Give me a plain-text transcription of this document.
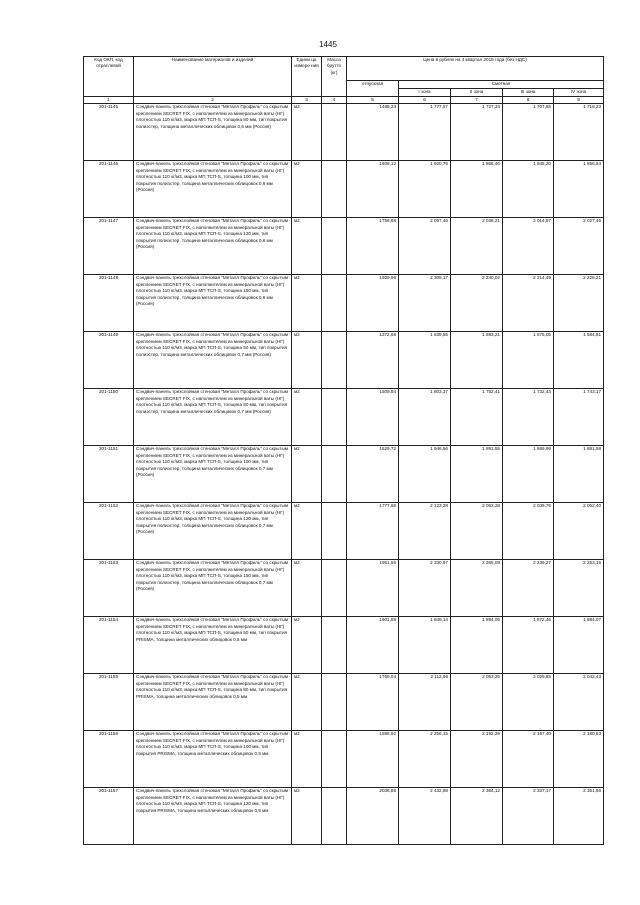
1445
Код ОКП, код отраслевой	Наименование материалов и изделий	Едини ца измере ния	Масса брутто (кг)	Цена в рублях на 4 квартал 2015 года (без НДС)				
				отпускная	Сметная			
					I зона	II зона	III зона	IV зона
1	2	3	4	5	6	7	8	9
201-1145	Сэндвич-панель трехслойная стеновая "Металл Профиль" со скрытым креплением SECRET FIX, с наполнителем из минеральной ваты (НГ) плотностью 110 кг/м3, марка МП ТСП-S, толщина 80 мм, тип покрытия полиэстер, толщина металлических облицовок 0,6 мм (Россия)	м2		1488,24	1 777,57	1 727,34	1 707,65	1 718,23
201-1146	Сэндвич-панель трехслойная стеновая "Металл Профиль" со скрытым креплением SECRET FIX, с наполнителем из минеральной ваты (НГ) плотностью 110 кг/м3, марка МП ТСП-S, толщина 100 мм, тип покрытия полиэстер, толщина металлических облицовок 0,6 мм (Россия)	м2		1608,12	1 920,76	1 866,46	1 845,20	1 856,64
201-1147	Сэндвич-панель трехслойная стеновая "Металл Профиль" со скрытым креплением SECRET FIX, с наполнителем из минеральной ваты (НГ) плотностью 110 кг/м3, марка МП ТСП-S, толщина 120 мм, тип покрытия полиэстер, толщина металлических облицовок 0,6 мм (Россия)	м2		1756,68	2 097,46	2 038,21	2 014,97	2 027,46
201-1148	Сэндвич-панель трехслойная стеновая "Металл Профиль" со скрытым креплением SECRET FIX, с наполнителем из минеральной ваты (НГ) плотностью 110 кг/м3, марка МП ТСП-S, толщина 150 мм, тип покрытия полиэстер, толщина металлических облицовок 0,6 мм (Россия)	м2		1929,96	2 305,17	2 240,02	2 214,49	2 228,21
201-1149	Сэндвич-панель трехслойная стеновая "Металл Профиль" со скрытым креплением SECRET FIX, с наполнителем из минеральной ваты (НГ) плотностью 110 кг/м3, марка МП ТСП-S, толщина 50 мм, тип покрытия полиэстер, толщина металлических облицовок 0,7 мм (Россия)	м2		1372,68	1 639,55	1 593,21	1 575,05	1 584,81
201-1150	Сэндвич-панель трехслойная стеновая "Металл Профиль" со скрытым креплением SECRET FIX, с наполнителем из минеральной ваты (НГ) плотностью 110 кг/м3, марка МП ТСП-S, толщина 80 мм, тип покрытия полиэстер, толщина металлических облицовок 0,7 мм (Россия)	м2		1509,84	1 803,37	1 752,41	1 732,43	1 743,17
201-1151	Сэндвич-панель трехслойная стеновая "Металл Профиль" со скрытым креплением SECRET FIX, с наполнителем из минеральной ваты (НГ) плотностью 110 кг/м3, марка МП ТСП-S, толщина 100 мм, тип покрытия полиэстер, толщина металлических облицовок 0,7 мм (Россия)	м2		1629,72	1 946,56	1 891,55	1 869,99	1 881,58
201-1152	Сэндвич-панель трехслойная стеновая "Металл Профиль" со скрытым креплением SECRET FIX, с наполнителем из минеральной ваты (НГ) плотностью 110 кг/м3, марка МП ТСП-S, толщина 120 мм, тип покрытия полиэстер, толщина металлических облицовок 0,7 мм (Россия)	м2		1777,68	2 123,28	2 063,28	2 039,76	2 052,40
201-1153	Сэндвич-панель трехслойная стеновая "Металл Профиль" со скрытым креплением SECRET FIX, с наполнителем из минеральной ваты (НГ) плотностью 110 кг/м3, марка МП ТСП-S, толщина 150 мм, тип покрытия полиэстер, толщина металлических облицовок 0,7 мм (Россия)	м2		1951,56	2 330,97	2 265,09	2 239,27	2 253,15
201-1154	Сэндвич-панель трехслойная стеновая "Металл Профиль" со скрытым креплением SECRET FIX, с наполнителем из минеральной ваты (НГ) плотностью 110 кг/м3, марка МП ТСП-S, толщина 50 мм, тип покрытия PRISMA, толщина металлических облицовок 0,5 мм	м2		1601,88	1 849,14	1 894,05	1 872,46	1 884,07
201-1155	Сэндвич-панель трехслойная стеновая "Металл Профиль" со скрытым креплением SECRET FIX, с наполнителем из минеральной ваты (НГ) плотностью 110 кг/м3, марка МП ТСП-S, толщина 80 мм, тип покрытия PRISMA, толщина металлических облицовок 0,5 мм	м2		1769,04	2 112,96	2 053,25	2 029,85	2 042,43
201-1156	Сэндвич-панель трехслойная стеновая "Металл Профиль" со скрытым креплением SECRET FIX, с наполнителем из минеральной ваты (НГ) плотностью 110 кг/м3, марка МП ТСП-S, толщина 100 мм, тип покрытия PRISMA, толщина металлических облицовок 0,5 мм	м2		1888,92	2 256,15	2 192,39	2 167,40	2 180,83
201-1157	Сэндвич-панель трехслойная стеновая "Металл Профиль" со скрытым креплением SECRET FIX, с наполнителем из минеральной ваты (НГ) плотностью 110 кг/м3, марка МП ТСП-S, толщина 120 мм, тип покрытия PRISMA, толщина металлических облицовок 0,5 мм	м2		2036,88	2 432,88	2 364,12	2 337,17	2 351,66
